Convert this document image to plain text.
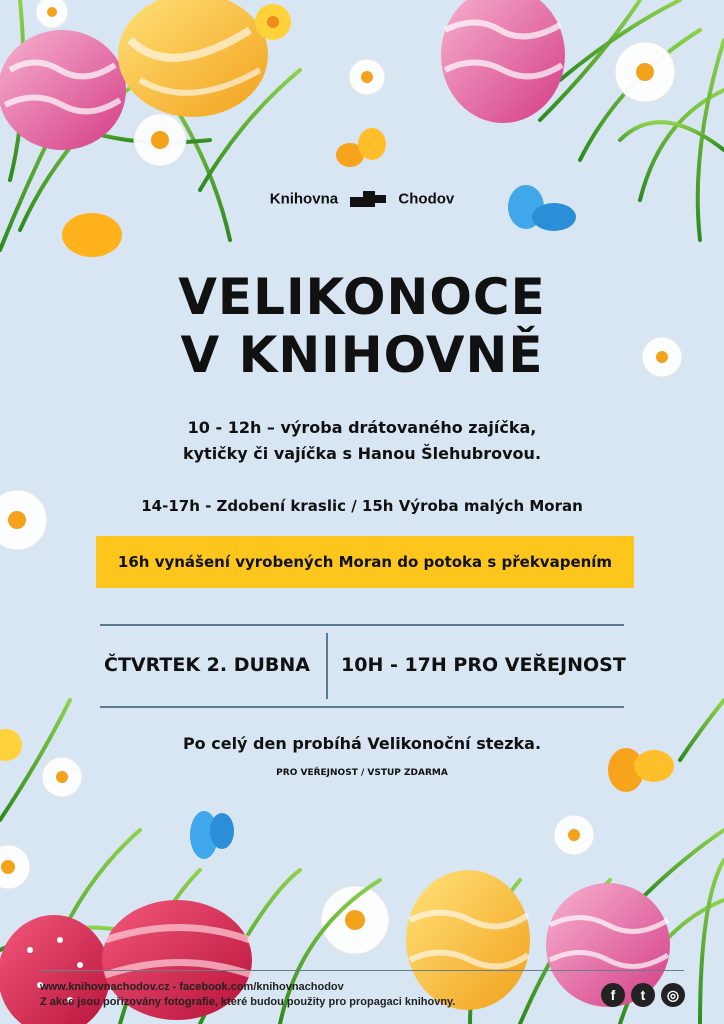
Knihovna	Chodov
VELIKONOCE
V KNIHOVNĚ
10 - 12h – výroba drátovaného zajíčka,
kytičky či vajíčka s Hanou Šlehubrovou.
14-17h - Zdobení kraslic / 15h Výroba malých Moran
16h vynášení vyrobených Moran do potoka s překvapením
ČTVRTEK 2. DUBNA 10H - 17H PRO VEŘEJNOST
Po celý den probíhá Velikonoční stezka.
PRO VEŘEJNOST / VSTUP ZDARMA
www.knihovnachodov.cz - facebook.com/knihovnachodov
Z akce jsou pořizovány fotografie, které budou použity pro propagaci knihovny.	f	t	◎
